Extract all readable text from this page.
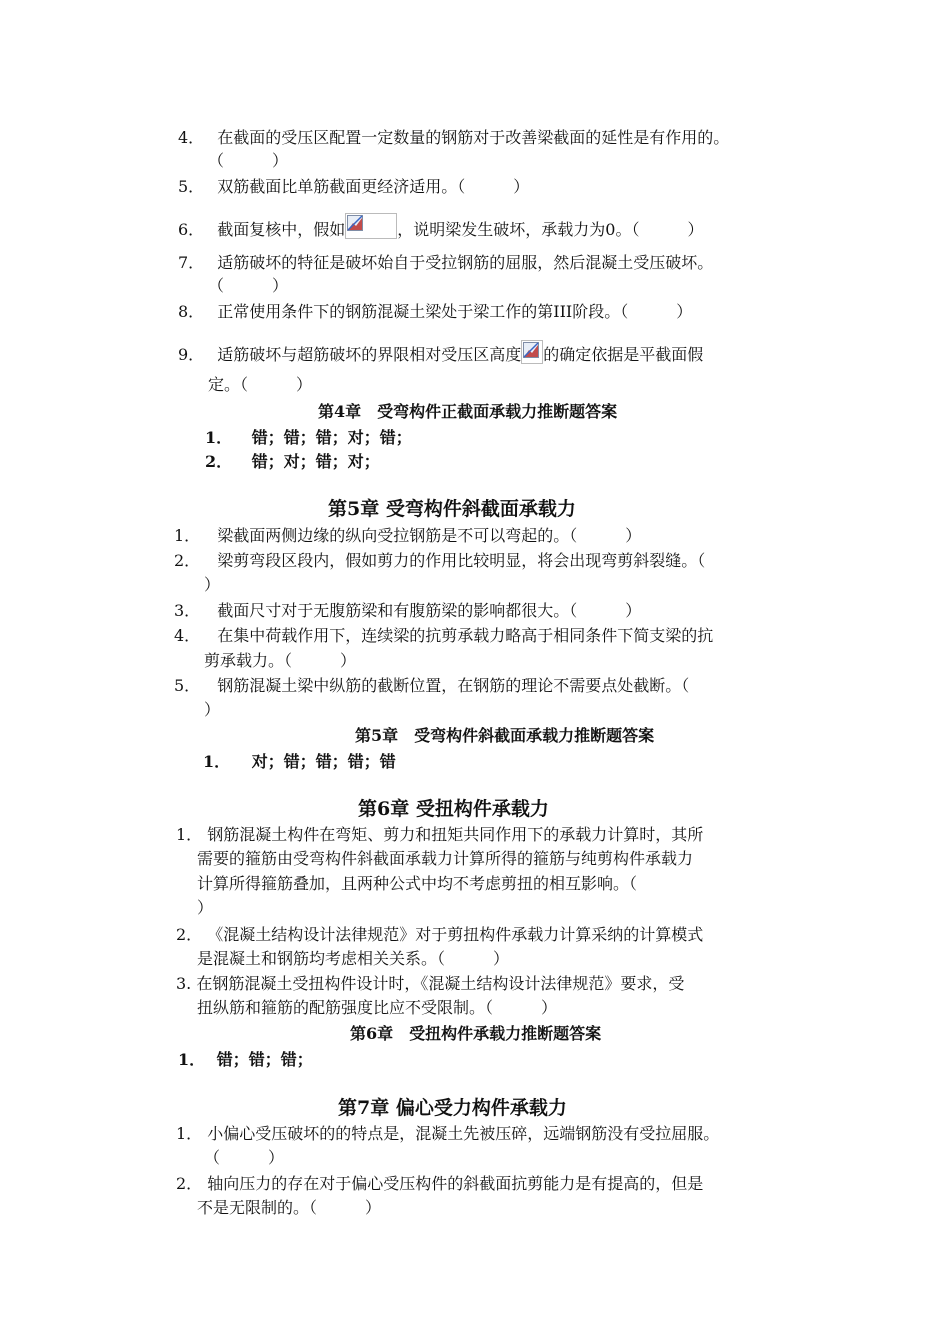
4． 在截面的受压区配置一定数量的钢筋对于改善梁截面的延性是有作用的。
（　　　）
5． 双筋截面比单筋截面更经济适用。（　　　）
6． 截面复核中，假如	，说明梁发生破坏，承载力为0。（　　　）
7． 适筋破坏的特征是破坏始自于受拉钢筋的屈服，然后混凝土受压破坏。
（　　　）
8． 正常使用条件下的钢筋混凝土梁处于梁工作的第III阶段。（　　　）
9． 适筋破坏与超筋破坏的界限相对受压区高度 的确定依据是平截面假
定。（　　　）
第4章　受弯构件正截面承载力推断题答案
1． 错；错；错；对；错；
2． 错；对；错；对；
第5章 受弯构件斜截面承载力
1． 梁截面两侧边缘的纵向受拉钢筋是不可以弯起的。（　　　）
2． 梁剪弯段区段内，假如剪力的作用比较明显，将会出现弯剪斜裂缝。（
）
3． 截面尺寸对于无腹筋梁和有腹筋梁的影响都很大。（　　　）
4． 在集中荷载作用下，连续梁的抗剪承载力略高于相同条件下简支梁的抗
剪承载力。（　　　）
5． 钢筋混凝土梁中纵筋的截断位置，在钢筋的理论不需要点处截断。（
）
第5章　受弯构件斜截面承载力推断题答案
1． 对；错；错；错；错
第6章 受扭构件承载力
1． 钢筋混凝土构件在弯矩、剪力和扭矩共同作用下的承载力计算时，其所
需要的箍筋由受弯构件斜截面承载力计算所得的箍筋与纯剪构件承载力
计算所得箍筋叠加，且两种公式中均不考虑剪扭的相互影响。（
）
2． 《混凝土结构设计法律规范》对于剪扭构件承载力计算采纳的计算模式
是混凝土和钢筋均考虑相关关系。（　　　）
3. 在钢筋混凝土受扭构件设计时，《混凝土结构设计法律规范》要求，受
扭纵筋和箍筋的配筋强度比应不受限制。（　　　）
第6章　受扭构件承载力推断题答案
1． 错；错；错；
第7章 偏心受力构件承载力
1． 小偏心受压破坏的的特点是，混凝土先被压碎，远端钢筋没有受拉屈服。
（　　　）
2． 轴向压力的存在对于偏心受压构件的斜截面抗剪能力是有提高的，但是
不是无限制的。（　　　）
